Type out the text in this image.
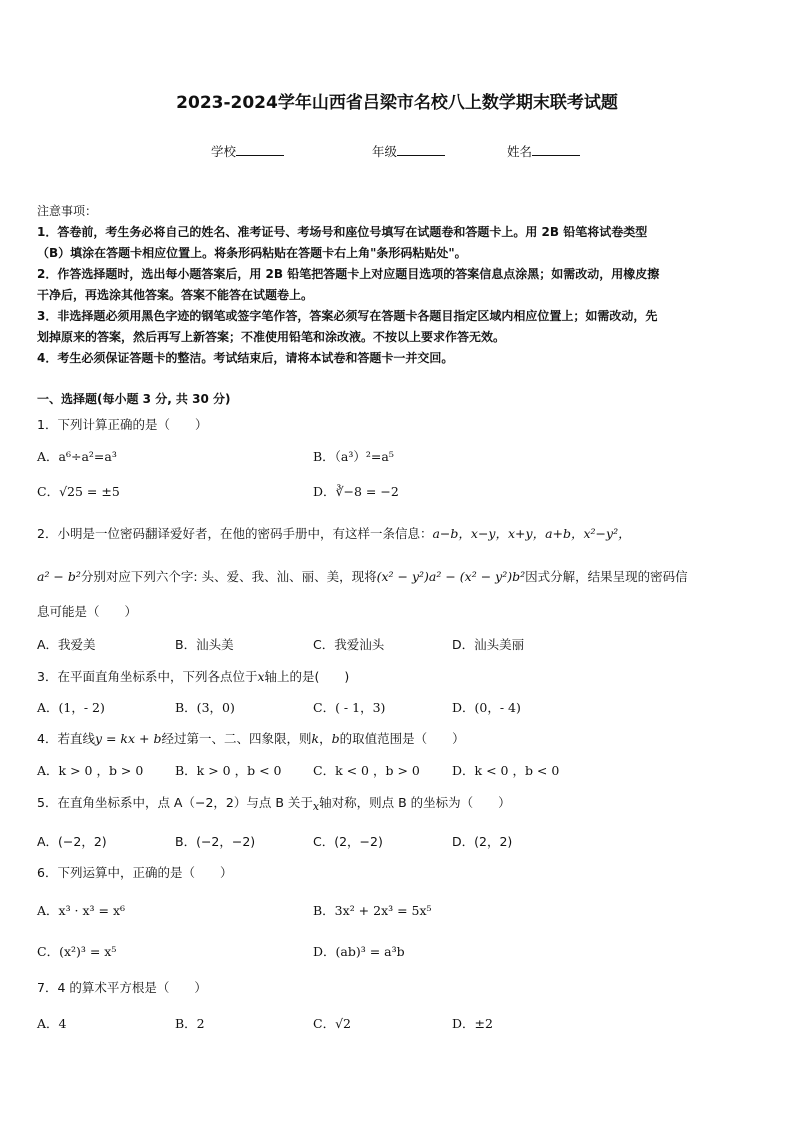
2023-2024学年山西省吕梁市名校八上数学期末联考试题
学校	年级	姓名
注意事项：
1．答卷前，考生务必将自己的姓名、准考证号、考场号和座位号填写在试题卷和答题卡上。用 2B 铅笔将试卷类型
（B）填涂在答题卡相应位置上。将条形码粘贴在答题卡右上角"条形码粘贴处"。
2．作答选择题时，选出每小题答案后，用 2B 铅笔把答题卡上对应题目选项的答案信息点涂黑；如需改动，用橡皮擦
干净后，再选涂其他答案。答案不能答在试题卷上。
3．非选择题必须用黑色字迹的钢笔或签字笔作答，答案必须写在答题卡各题目指定区域内相应位置上；如需改动，先
划掉原来的答案，然后再写上新答案；不准使用铅笔和涂改液。不按以上要求作答无效。
4．考生必须保证答题卡的整洁。考试结束后，请将本试卷和答题卡一并交回。
一、选择题(每小题 3 分, 共 30 分)
1．下列计算正确的是（　　）
A．a⁶÷a²=a³	B．（a³）²=a⁵
C．√25 = ±5	D．∛−8 = −2
2．小明是一位密码翻译爱好者，在他的密码手册中，有这样一条信息：a−b，x−y，x+y，a+b，x²−y²，
a² − b²分别对应下列六个字: 头、爱、我、汕、丽、美，现将(x² − y²)a² − (x² − y²)b²因式分解，结果呈现的密码信
息可能是（　　）
A．我爱美	B．汕头美	C．我爱汕头	D．汕头美丽
3．在平面直角坐标系中，下列各点位于x轴上的是(　　)
A．(1，- 2)	B．(3，0)	C．( - 1，3)	D．(0，- 4)
4．若直线y = kx + b经过第一、二、四象限，则k，b的取值范围是（　　）
A．k > 0 ，b > 0	B．k > 0 ，b < 0	C．k < 0 ，b > 0	D．k < 0 ，b < 0
5．在直角坐标系中，点 A（−2，2）与点 B 关于x轴对称，则点 B 的坐标为（　　）
A．(−2，2)	B．(−2，−2)	C．(2，−2)	D．(2，2)
6．下列运算中，正确的是（　　）
A．x³ · x³ = x⁶	B．3x² + 2x³ = 5x⁵
C．(x²)³ = x⁵	D．(ab)³ = a³b
7．4 的算术平方根是（　　）
A．4	B．2	C．√2	D．±2
